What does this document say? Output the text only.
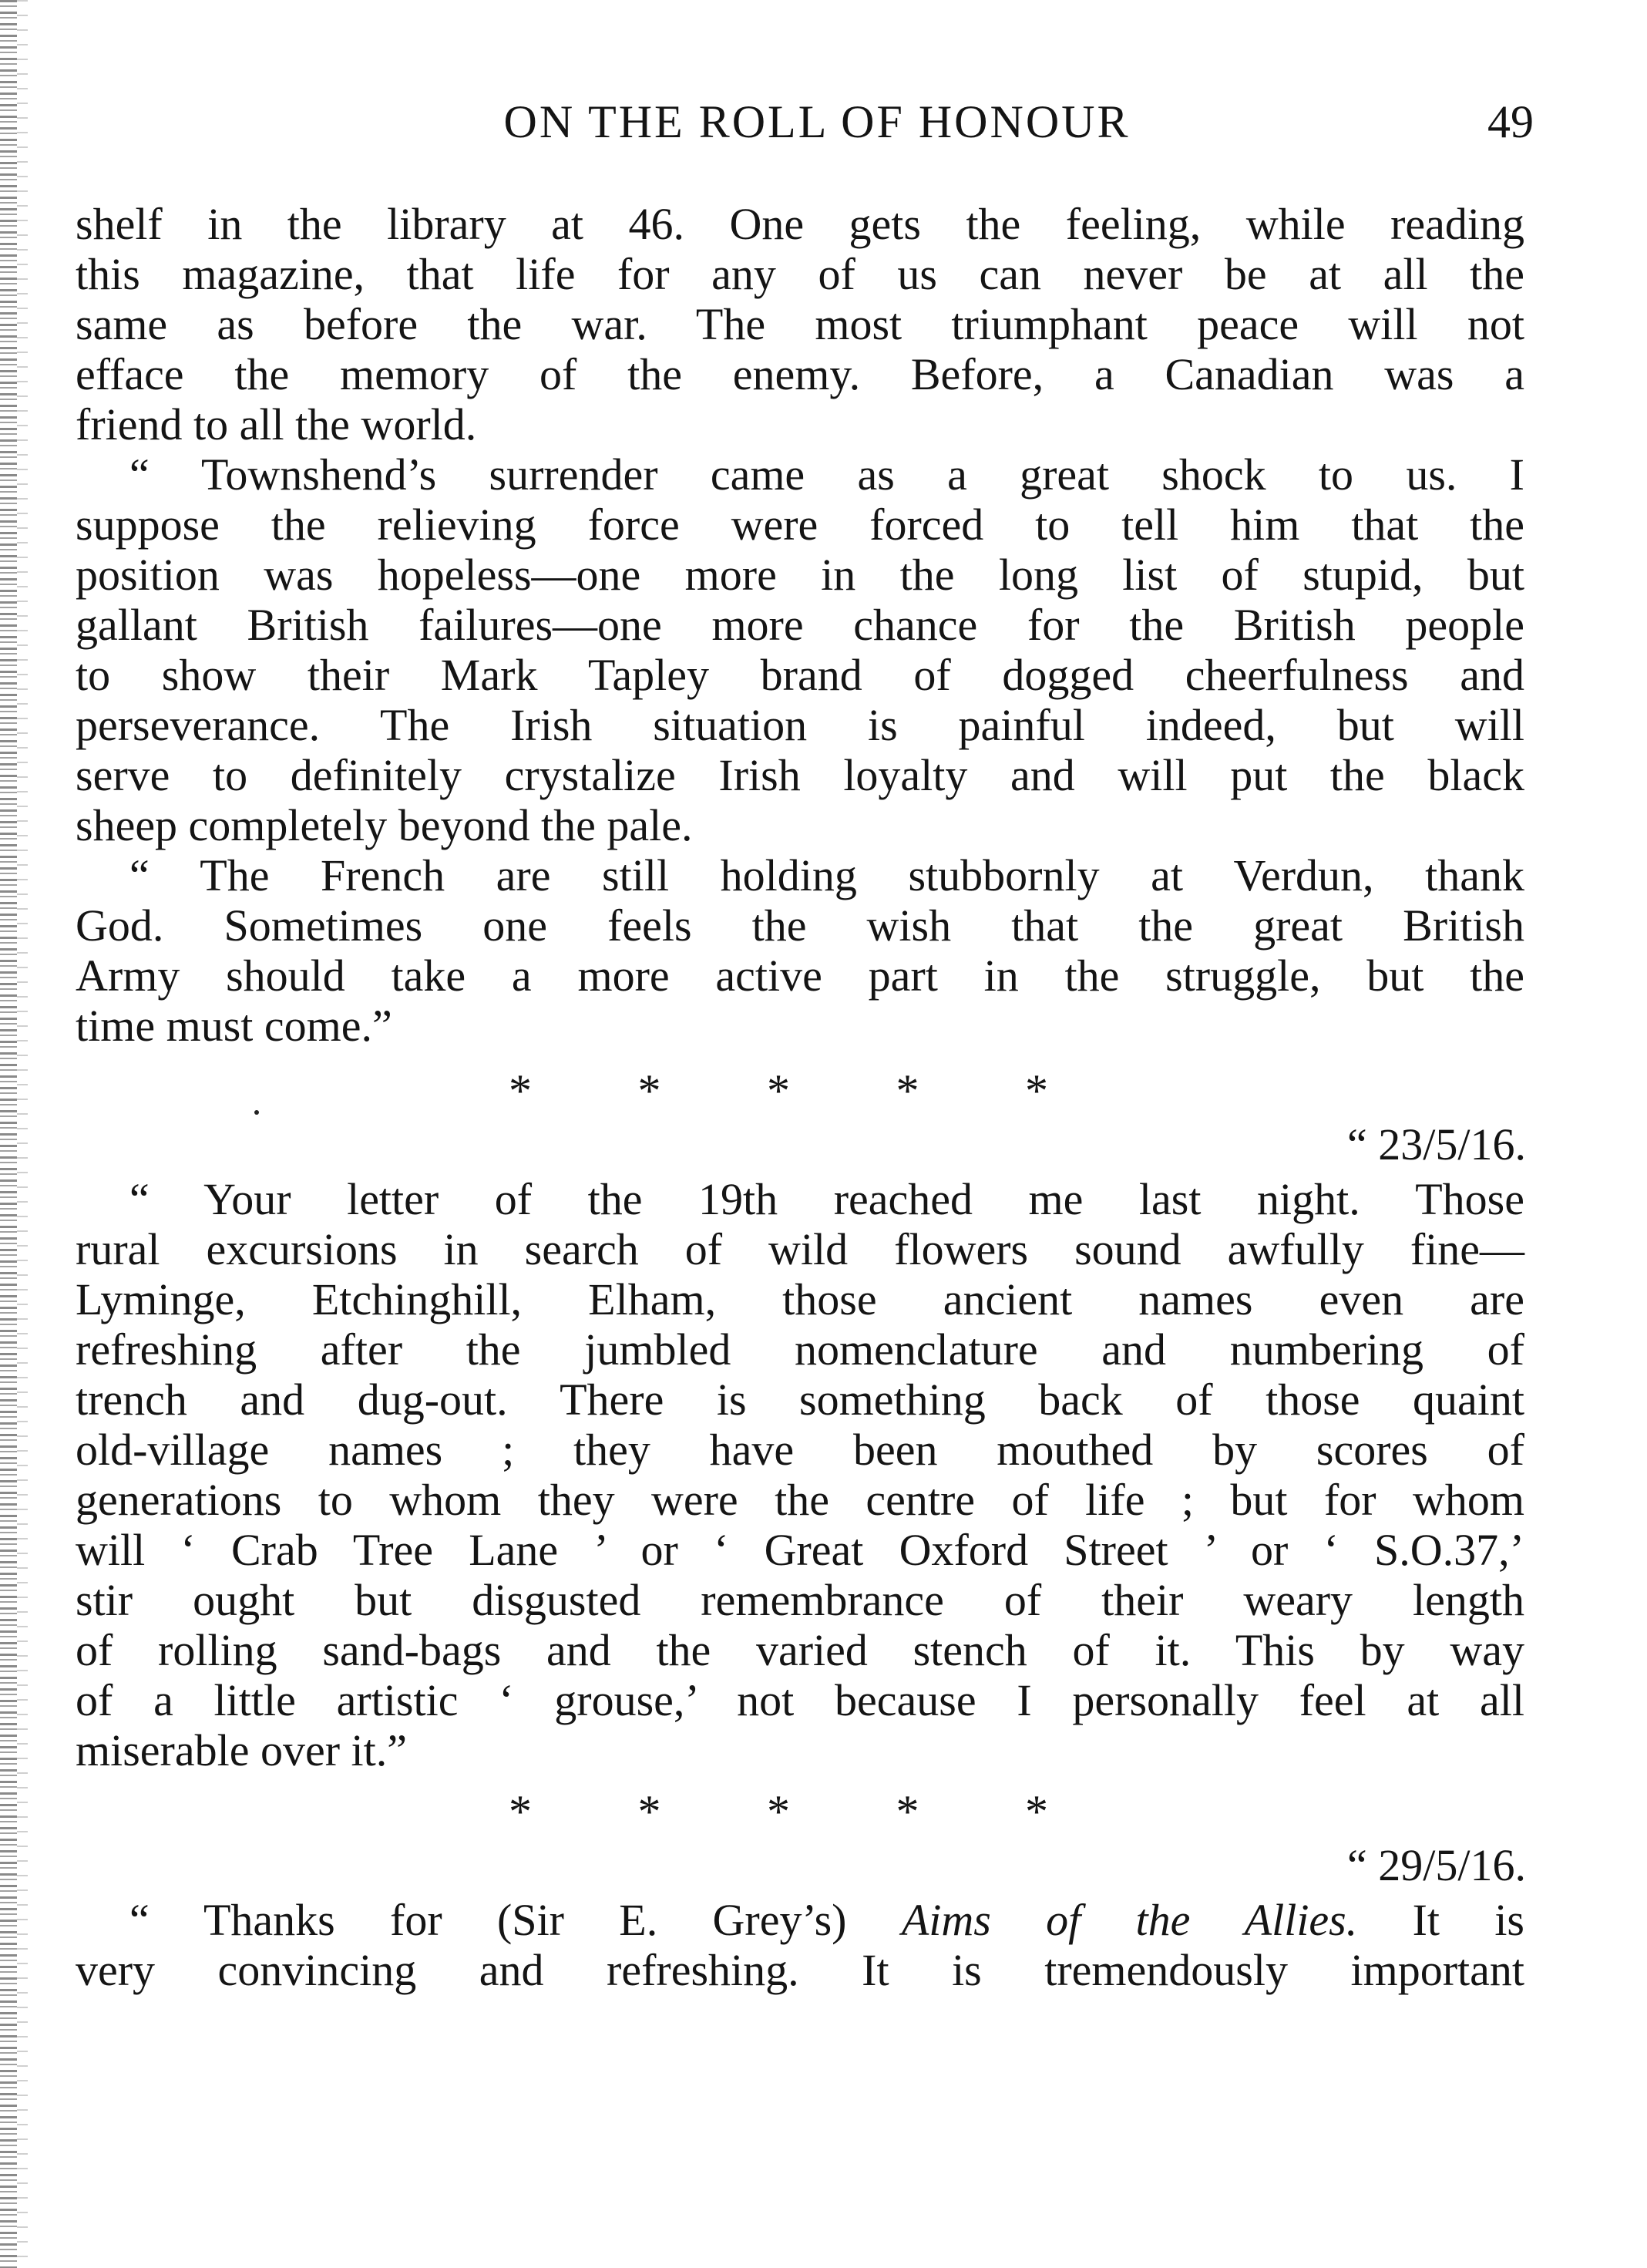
ON THE ROLL OF HONOUR	49
shelf in the library at 46. One gets the feeling, while reading
this magazine, that life for any of us can never be at all the
same as before the war. The most triumphant peace will not
efface the memory of the enemy. Before, a Canadian was a
friend to all the world.
“ Townshend’s surrender came as a great shock to us. I
suppose the relieving force were forced to tell him that the
position was hopeless—one more in the long list of stupid, but
gallant British failures—one more chance for the British people
to show their Mark Tapley brand of dogged cheerfulness and
perseverance. The Irish situation is painful indeed, but will
serve to definitely crystalize Irish loyalty and will put the black
sheep completely beyond the pale.
“ The French are still holding stubbornly at Verdun, thank
God. Sometimes one feels the wish that the great British
Army should take a more active part in the struggle, but the
time must come.”
* * * * *
“ 23/5/16.
“ Your letter of the 19th reached me last night. Those
rural excursions in search of wild flowers sound awfully fine—
Lyminge, Etchinghill, Elham, those ancient names even are
refreshing after the jumbled nomenclature and numbering of
trench and dug-out. There is something back of those quaint
old-village names ; they have been mouthed by scores of
generations to whom they were the centre of life ; but for whom
will ‘ Crab Tree Lane ’ or ‘ Great Oxford Street ’ or ‘ S.O.37,’
stir ought but disgusted remembrance of their weary length
of rolling sand-bags and the varied stench of it. This by way
of a little artistic ‘ grouse,’ not because I personally feel at all
miserable over it.”
* * * * *
“ 29/5/16.
“ Thanks for (Sir E. Grey’s) Aims of the Allies. It is
very convincing and refreshing. It is tremendously important
